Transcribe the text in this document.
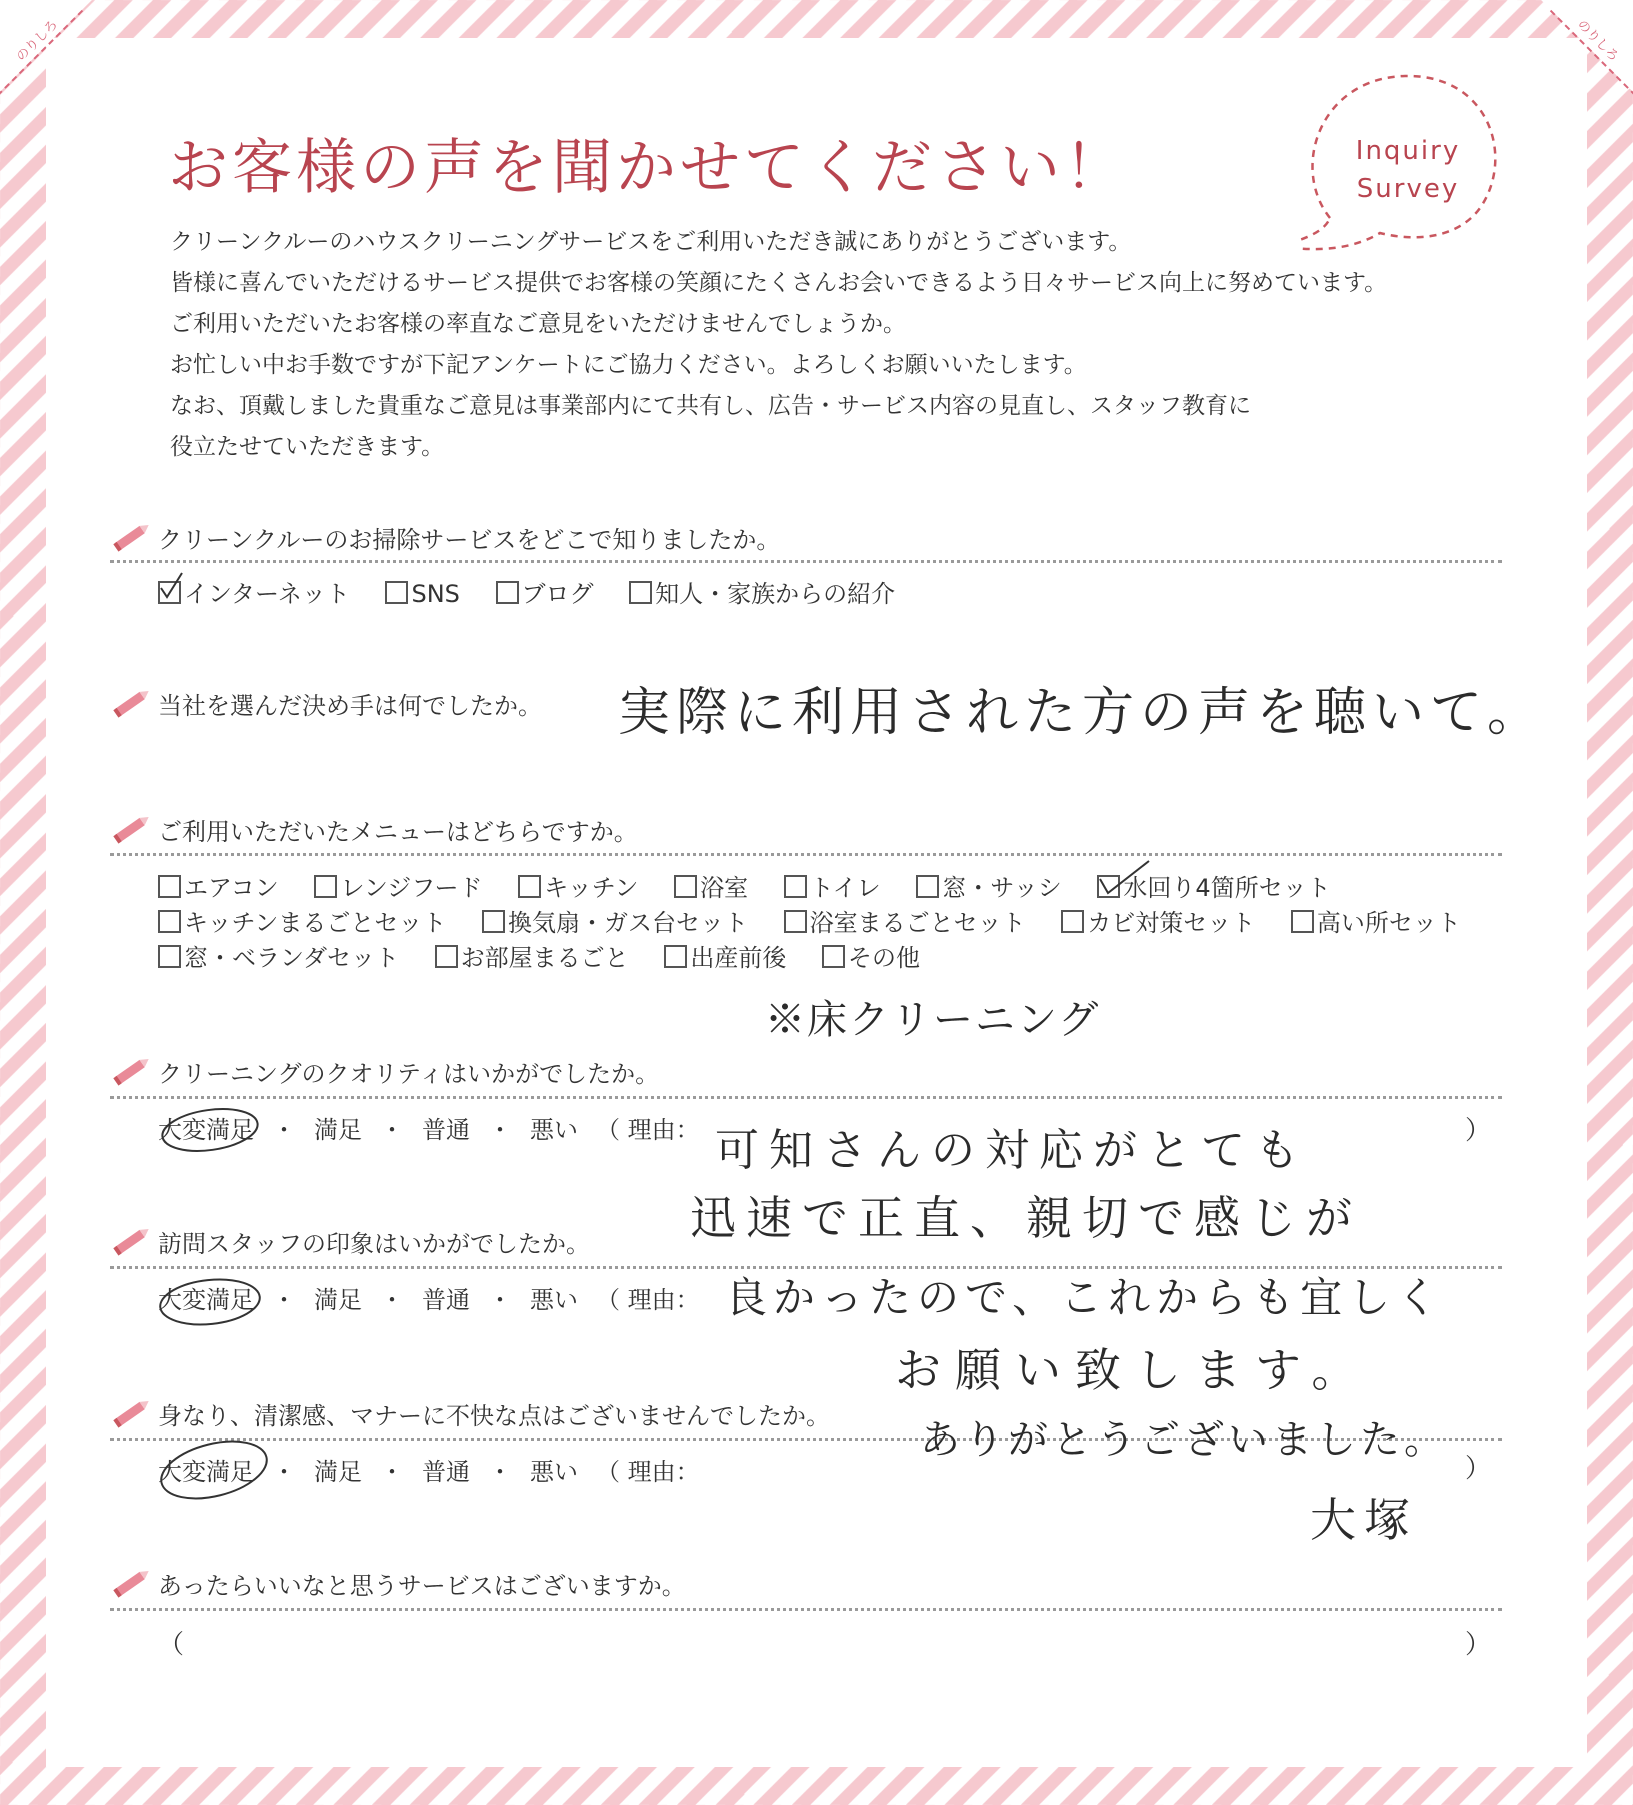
のりしろ	のりしろ
お客様の声を聞かせてください！	Inquiry
Survey
クリーンクルーのハウスクリーニングサービスをご利用いただき誠にありがとうございます。
皆様に喜んでいただけるサービス提供でお客様の笑顔にたくさんお会いできるよう日々サービス向上に努めています。
ご利用いただいたお客様の率直なご意見をいただけませんでしょうか。
お忙しい中お手数ですが下記アンケートにご協力ください。よろしくお願いいたします。
なお、頂戴しました貴重なご意見は事業部内にて共有し、広告・サービス内容の見直し、スタッフ教育に
役立たせていただきます。
クリーンクルーのお掃除サービスをどこで知りましたか。
インターネット	SNS	ブログ	知人・家族からの紹介
当社を選んだ決め手は何でしたか。 実際に利用された方の声を聴いて。
ご利用いただいたメニューはどちらですか。
エアコン	レンジフード	キッチン	浴室	トイレ	窓・サッシ	水回り4箇所セット
キッチンまるごとセット	換気扇・ガス台セット	浴室まるごとセット	カビ対策セット	高い所セット
窓・ベランダセット	お部屋まるごと	出産前後	その他
※床クリーニング
クリーニングのクオリティはいかがでしたか。
大変満足 ・ 満足 ・ 普通 ・ 悪い （ 理由：	）
訪問スタッフの印象はいかがでしたか。
大変満足 ・ 満足 ・ 普通 ・ 悪い （ 理由：
身なり、清潔感、マナーに不快な点はございませんでしたか。
大変満足 ・ 満足 ・ 普通 ・ 悪い （ 理由：	）
あったらいいなと思うサービスはございますか。
（	）
可知さんの対応がとても
迅速で正直、親切で感じが
良かったので、これからも宜しく
お願い致します。
ありがとうございました。
大塚
